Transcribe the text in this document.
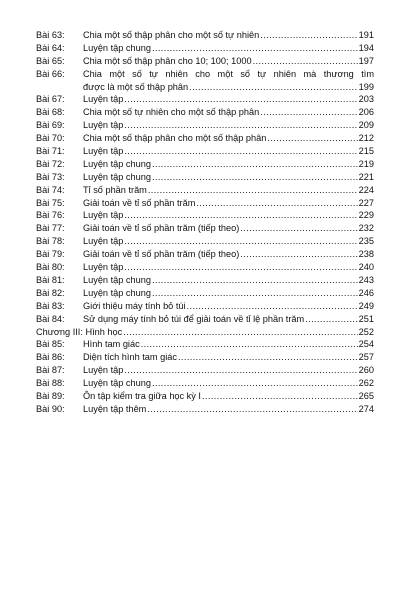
Bài 63: Chia một số thập phân cho một số tự nhiên .....	191
Bài 64: Luyện tập chung .....	194
Bài 65: Chia một số thập phân cho 10; 100; 1000 .....	197
Bài 66: Chia một số tự nhiên cho một số tự nhiên mà thương tìm
được là một số thập phân .....	199
Bài 67: Luyện tập .....	203
Bài 68: Chia một số tự nhiên cho một số thập phân .....	206
Bài 69: Luyện tập .....	209
Bài 70: Chia một số thập phân cho một số thập phân .....	212
Bài 71: Luyện tập .....	215
Bài 72: Luyện tập chung .....	219
Bài 73: Luyện tập chung .....	221
Bài 74: Tỉ số phần trăm .....	224
Bài 75: Giải toán về tỉ số phần trăm .....	227
Bài 76: Luyện tập .....	229
Bài 77: Giải toán về tỉ số phần trăm (tiếp theo) .....	232
Bài 78: Luyện tập .....	235
Bài 79: Giải toán về tỉ số phần trăm (tiếp theo) .....	238
Bài 80: Luyện tập .....	240
Bài 81: Luyện tập chung .....	243
Bài 82: Luyện tập chung .....	246
Bài 83: Giới thiệu máy tính bỏ túi .....	249
Bài 84: Sử dụng máy tính bỏ túi để giải toán về tỉ lệ phần trăm .....	251
Chương III: Hình học .....	252
Bài 85: Hình tam giác .....	254
Bài 86: Diện tích hình tam giác .....	257
Bài 87: Luyện tập .....	260
Bài 88: Luyện tập chung .....	262
Bài 89: Ôn tập kiểm tra giữa học kỳ I .....	265
Bài 90: Luyện tập thêm .....	274
